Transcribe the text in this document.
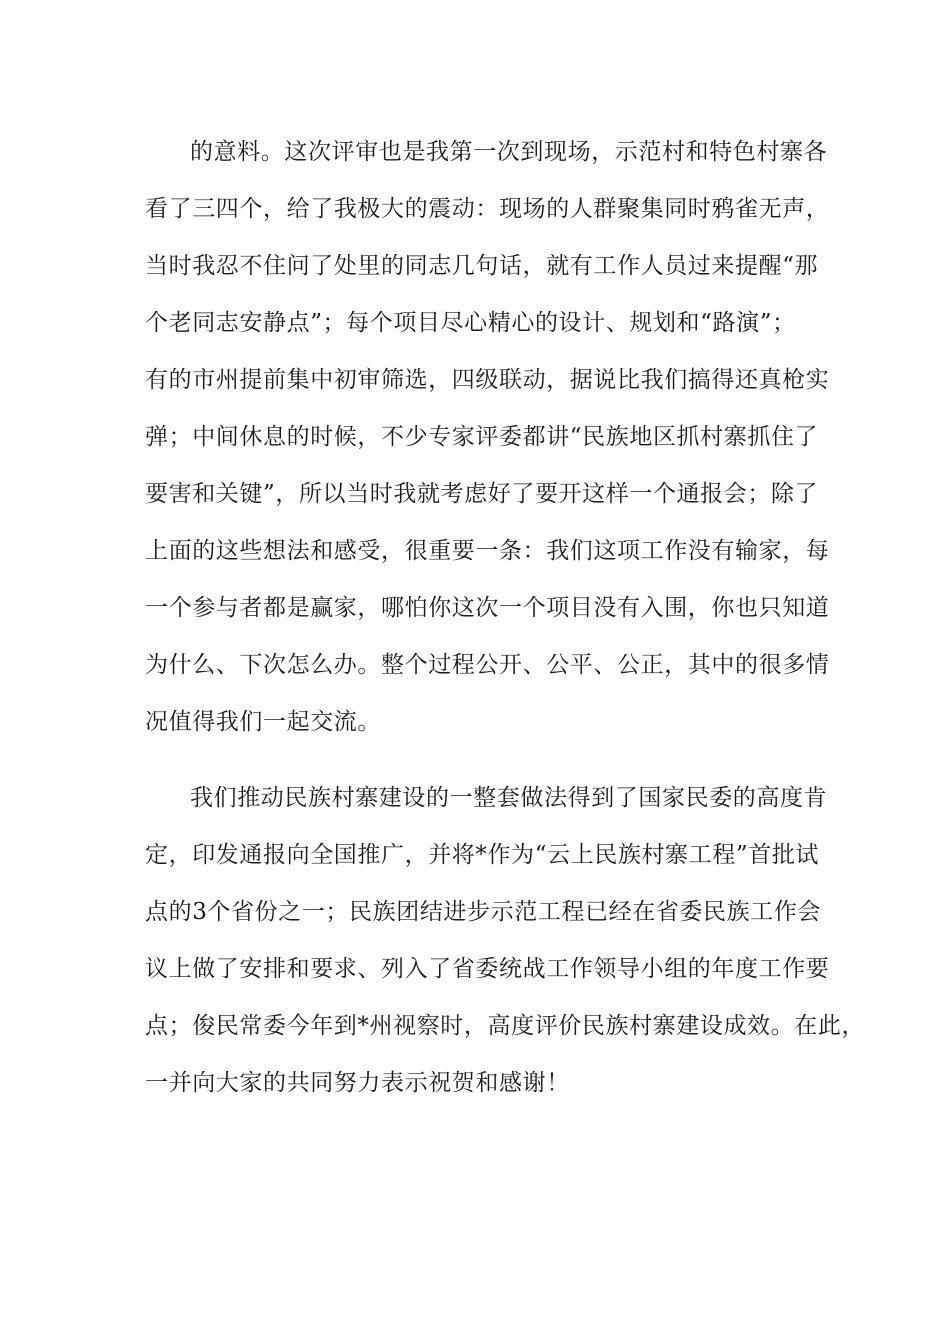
的意料。这次评审也是我第一次到现场，示范村和特色村寨各
看了三四个，给了我极大的震动：现场的人群聚集同时鸦雀无声，
当时我忍不住问了处里的同志几句话，就有工作人员过来提醒“那
个老同志安静点”；每个项目尽心精心的设计、规划和“路演”；
有的市州提前集中初审筛选，四级联动，据说比我们搞得还真枪实
弹；中间休息的时候，不少专家评委都讲“民族地区抓村寨抓住了
要害和关键”，所以当时我就考虑好了要开这样一个通报会；除了
上面的这些想法和感受，很重要一条：我们这项工作没有输家，每
一个参与者都是赢家，哪怕你这次一个项目没有入围，你也只知道
为什么、下次怎么办。整个过程公开、公平、公正，其中的很多情
况值得我们一起交流。
我们推动民族村寨建设的一整套做法得到了国家民委的高度肯
定，印发通报向全国推广，并将*作为“云上民族村寨工程”首批试
点的3个省份之一；民族团结进步示范工程已经在省委民族工作会
议上做了安排和要求、列入了省委统战工作领导小组的年度工作要
点；俊民常委今年到*州视察时，高度评价民族村寨建设成效。在此，
一并向大家的共同努力表示祝贺和感谢！
